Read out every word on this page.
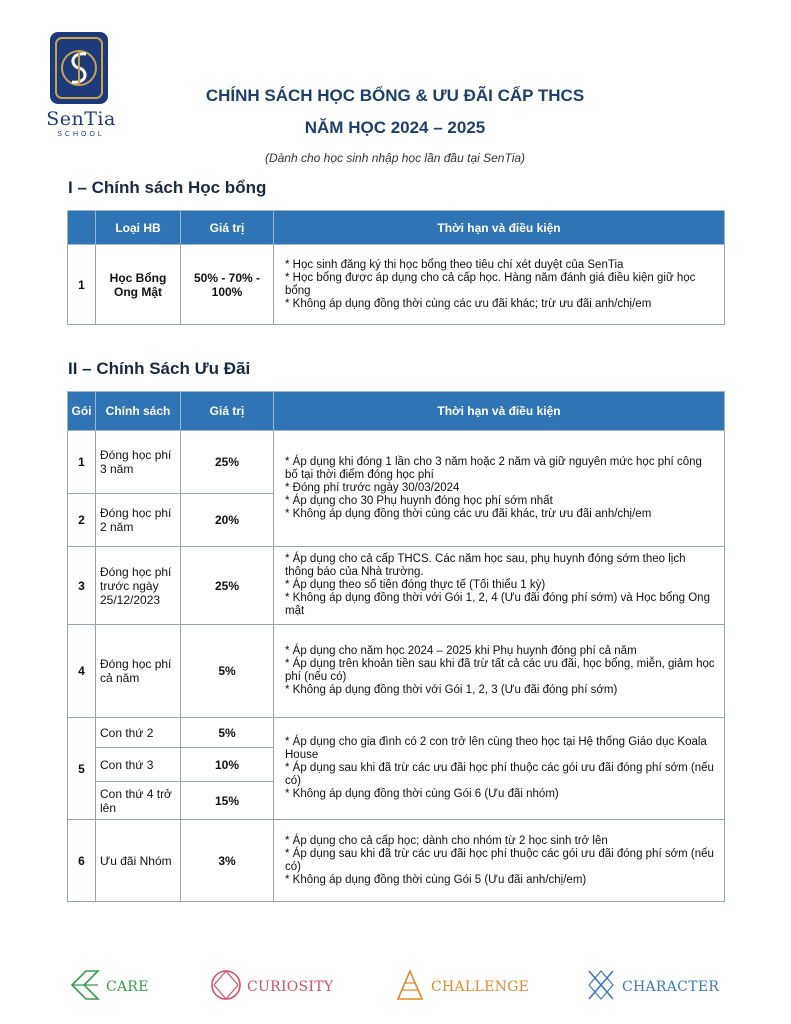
SenTia
SCHOOL
CHÍNH SÁCH HỌC BỔNG & ƯU ĐÃI CẤP THCS
NĂM HỌC 2024 – 2025
(Dành cho học sinh nhập học lần đầu tại SenTia)
I – Chính sách Học bổng
	Loại HB	Giá trị	Thời hạn và điều kiện
1	Học Bổng Ong Mật	50% - 70% - 100%	* Học sinh đăng ký thi học bổng theo tiêu chí xét duyệt của SenTia
* Học bổng được áp dụng cho cả cấp học. Hàng năm đánh giá điều kiện giữ học bổng
* Không áp dụng đồng thời cùng các ưu đãi khác; trừ ưu đãi anh/chị/em
II – Chính Sách Ưu Đãi
Gói	Chính sách	Giá trị	Thời hạn và điều kiện
1	Đóng học phí 3 năm	25%	* Áp dụng khi đóng 1 lần cho 3 năm hoặc 2 năm và giữ nguyên mức học phí công bố tại thời điểm đóng học phí
* Đóng phí trước ngày 30/03/2024
* Áp dụng cho 30 Phụ huynh đóng học phí sớm nhất
* Không áp dụng đồng thời cùng các ưu đãi khác, trừ ưu đãi anh/chị/em

2	Đóng học phí 2 năm	20%	
3	Đóng học phí trước ngày 25/12/2023	25%	* Áp dụng cho cả cấp THCS. Các năm học sau, phụ huynh đóng sớm theo lịch thông báo của Nhà trường.
* Áp dụng theo số tiền đóng thực tế (Tối thiểu 1 kỳ)
* Không áp dụng đồng thời với Gói 1, 2, 4 (Ưu đãi đóng phí sớm) và Học bổng Ong mật

4	Đóng học phí cả năm	5%	* Áp dụng cho năm học 2024 – 2025 khi Phụ huynh đóng phí cả năm
* Áp dụng trên khoản tiền sau khi đã trừ tất cả các ưu đãi, học bổng, miễn, giảm học phí (nếu có)
* Không áp dụng đồng thời với Gói 1, 2, 3 (Ưu đãi đóng phí sớm)

5	Con thứ 2	5%	* Áp dụng cho gia đình có 2 con trở lên cùng theo học tại Hệ thống Giáo dục Koala House
* Áp dụng sau khi đã trừ các ưu đãi học phí thuộc các gói ưu đãi đóng phí sớm (nếu có)
* Không áp dụng đồng thời cùng Gói 6 (Ưu đãi nhóm)

	Con thứ 3	10%	
	Con thứ 4 trở lên	15%	
6	Ưu đãi Nhóm	3%	* Áp dụng cho cả cấp học; dành cho nhóm từ 2 học sinh trở lên
* Áp dụng sau khi đã trừ các ưu đãi học phí thuộc các gói ưu đãi đóng phí sớm (nếu có)
* Không áp dụng đồng thời cùng Gói 5 (Ưu đãi anh/chị/em)
CARE	CURIOSITY	CHALLENGE	CHARACTER
